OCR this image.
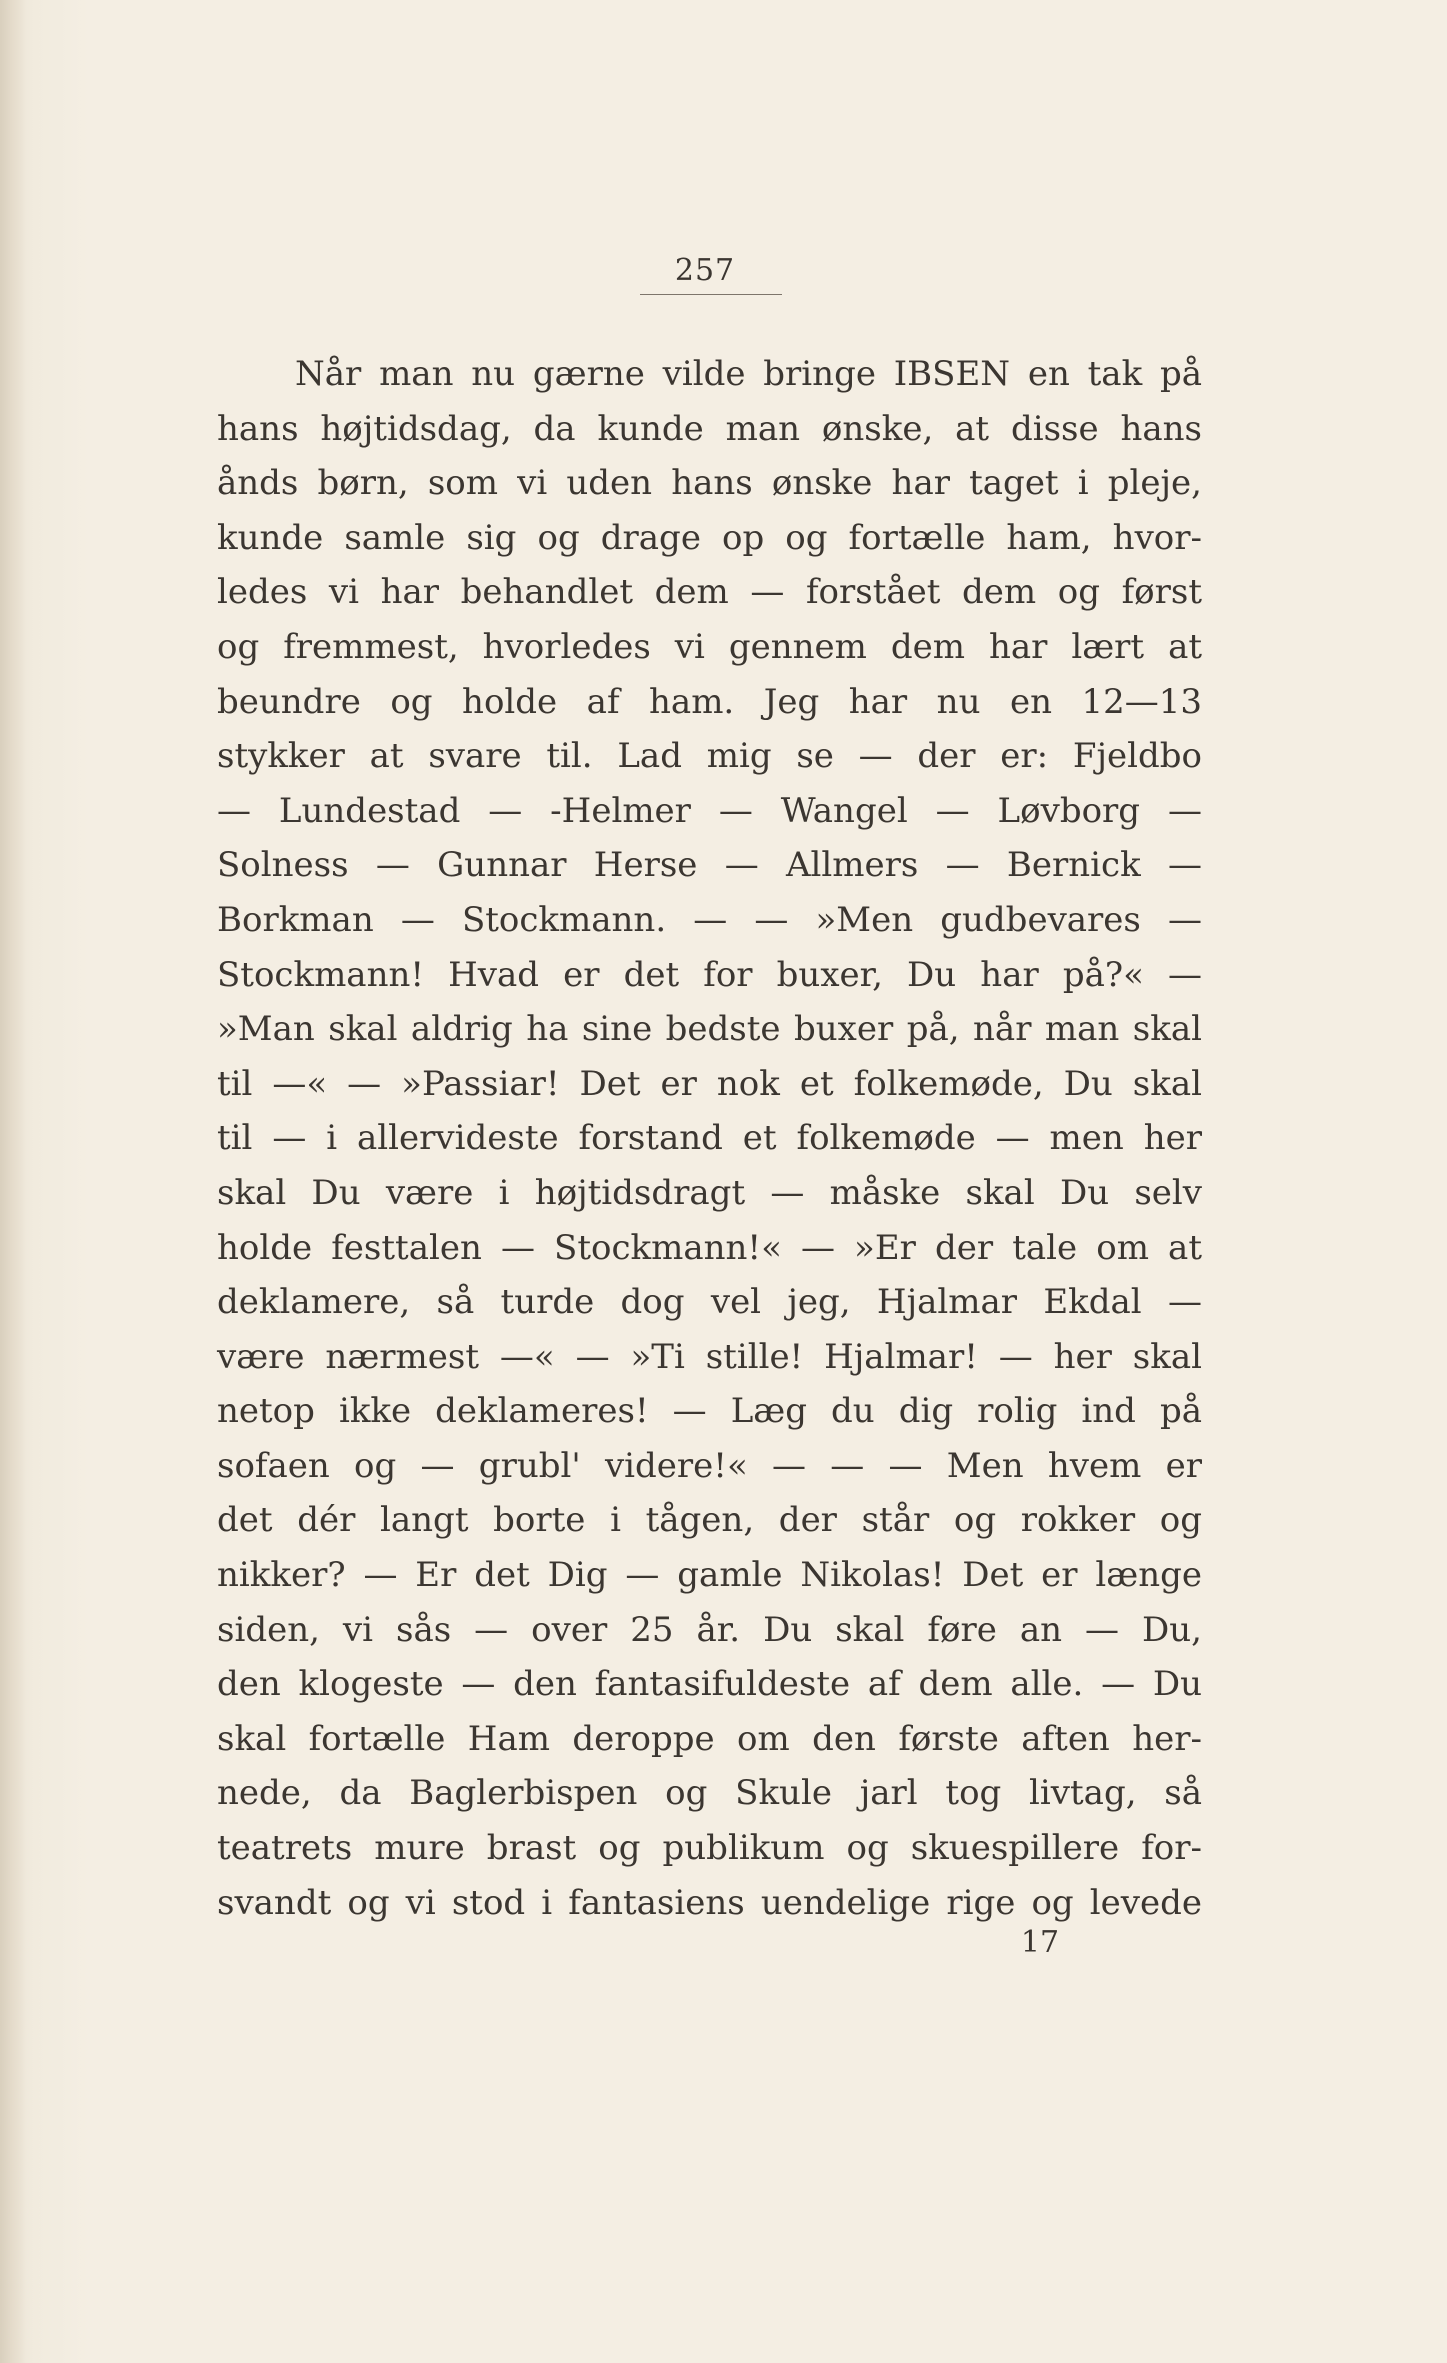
257
Når man nu gærne vilde bringe IBSEN en tak på
hans højtidsdag, da kunde man ønske, at disse hans
ånds børn, som vi uden hans ønske har taget i pleje,
kunde samle sig og drage op og fortælle ham, hvor-
ledes vi har behandlet dem — forstået dem og først
og fremmest, hvorledes vi gennem dem har lært at
beundre og holde af ham. Jeg har nu en 12—13
stykker at svare til. Lad mig se — der er: Fjeldbo
— Lundestad — -Helmer — Wangel — Løvborg —
Solness — Gunnar Herse — Allmers — Bernick —
Borkman — Stockmann. — — »Men gudbevares —
Stockmann! Hvad er det for buxer, Du har på?« —
»Man skal aldrig ha sine bedste buxer på, når man skal
til —« — »Passiar! Det er nok et folkemøde, Du skal
til — i allervideste forstand et folkemøde — men her
skal Du være i højtidsdragt — måske skal Du selv
holde festtalen — Stockmann!« — »Er der tale om at
deklamere, så turde dog vel jeg, Hjalmar Ekdal —
være nærmest —« — »Ti stille! Hjalmar! — her skal
netop ikke deklameres! — Læg du dig rolig ind på
sofaen og — grubl' videre!« — — — Men hvem er
det dér langt borte i tågen, der står og rokker og
nikker? — Er det Dig — gamle Nikolas! Det er længe
siden, vi sås — over 25 år. Du skal føre an — Du,
den klogeste — den fantasifuldeste af dem alle. — Du
skal fortælle Ham deroppe om den første aften her-
nede, da Baglerbispen og Skule jarl tog livtag, så
teatrets mure brast og publikum og skuespillere for-
svandt og vi stod i fantasiens uendelige rige og levede
17
